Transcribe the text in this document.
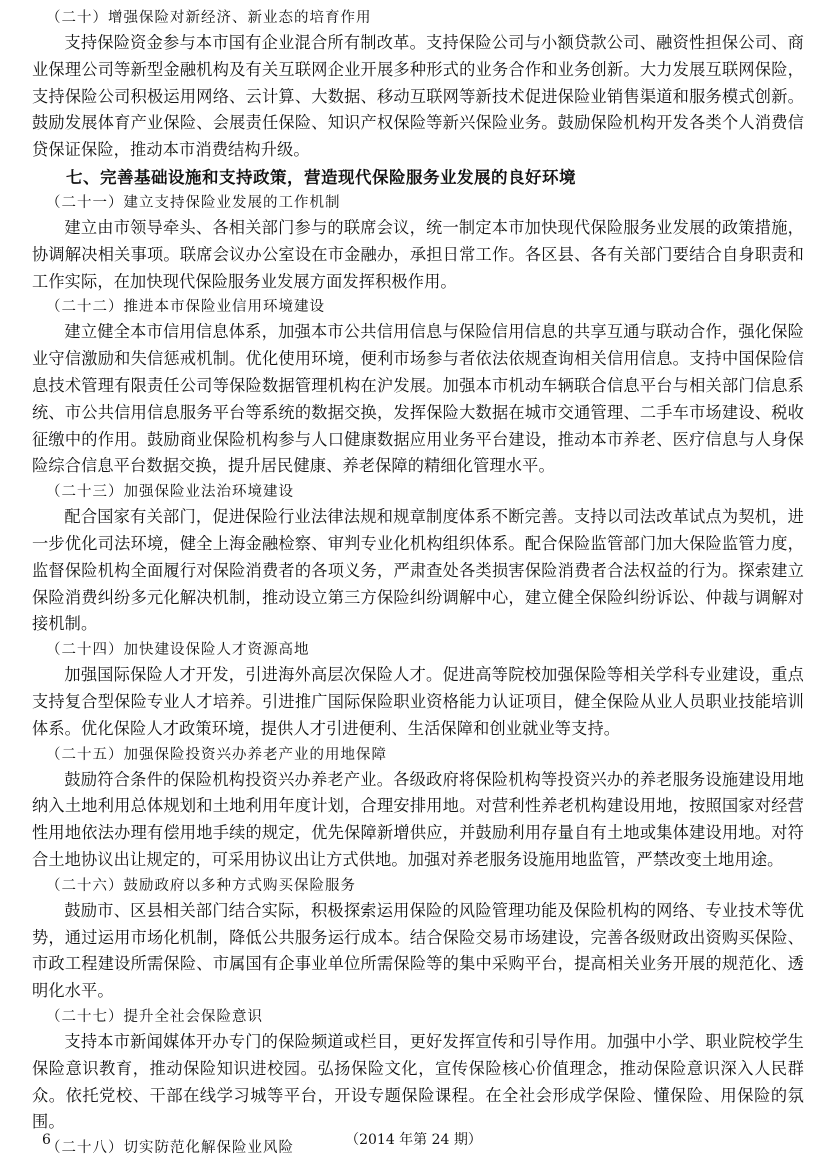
（二十）增强保险对新经济、新业态的培育作用

支持保险资金参与本市国有企业混合所有制改革。支持保险公司与小额贷款公司、融资性担保公司、商业保理公司等新型金融机构及有关互联网企业开展多种形式的业务合作和业务创新。大力发展互联网保险，支持保险公司积极运用网络、云计算、大数据、移动互联网等新技术促进保险业销售渠道和服务模式创新。鼓励发展体育产业保险、会展责任保险、知识产权保险等新兴保险业务。鼓励保险机构开发各类个人消费信贷保证保险，推动本市消费结构升级。

七、完善基础设施和支持政策，营造现代保险服务业发展的良好环境

（二十一）建立支持保险业发展的工作机制

建立由市领导牵头、各相关部门参与的联席会议，统一制定本市加快现代保险服务业发展的政策措施，协调解决相关事项。联席会议办公室设在市金融办，承担日常工作。各区县、各有关部门要结合自身职责和工作实际，在加快现代保险服务业发展方面发挥积极作用。

（二十二）推进本市保险业信用环境建设

建立健全本市信用信息体系，加强本市公共信用信息与保险信用信息的共享互通与联动合作，强化保险业守信激励和失信惩戒机制。优化使用环境，便利市场参与者依法依规查询相关信用信息。支持中国保险信息技术管理有限责任公司等保险数据管理机构在沪发展。加强本市机动车辆联合信息平台与相关部门信息系统、市公共信用信息服务平台等系统的数据交换，发挥保险大数据在城市交通管理、二手车市场建设、税收征缴中的作用。鼓励商业保险机构参与人口健康数据应用业务平台建设，推动本市养老、医疗信息与人身保险综合信息平台数据交换，提升居民健康、养老保障的精细化管理水平。

（二十三）加强保险业法治环境建设

配合国家有关部门，促进保险行业法律法规和规章制度体系不断完善。支持以司法改革试点为契机，进一步优化司法环境，健全上海金融检察、审判专业化机构组织体系。配合保险监管部门加大保险监管力度，监督保险机构全面履行对保险消费者的各项义务，严肃查处各类损害保险消费者合法权益的行为。探索建立保险消费纠纷多元化解决机制，推动设立第三方保险纠纷调解中心，建立健全保险纠纷诉讼、仲裁与调解对接机制。

（二十四）加快建设保险人才资源高地

加强国际保险人才开发，引进海外高层次保险人才。促进高等院校加强保险等相关学科专业建设，重点支持复合型保险专业人才培养。引进推广国际保险职业资格能力认证项目，健全保险从业人员职业技能培训体系。优化保险人才政策环境，提供人才引进便利、生活保障和创业就业等支持。

（二十五）加强保险投资兴办养老产业的用地保障

鼓励符合条件的保险机构投资兴办养老产业。各级政府将保险机构等投资兴办的养老服务设施建设用地纳入土地利用总体规划和土地利用年度计划，合理安排用地。对营利性养老机构建设用地，按照国家对经营性用地依法办理有偿用地手续的规定，优先保障新增供应，并鼓励利用存量自有土地或集体建设用地。对符合土地协议出让规定的，可采用协议出让方式供地。加强对养老服务设施用地监管，严禁改变土地用途。

（二十六）鼓励政府以多种方式购买保险服务

鼓励市、区县相关部门结合实际，积极探索运用保险的风险管理功能及保险机构的网络、专业技术等优势，通过运用市场化机制，降低公共服务运行成本。结合保险交易市场建设，完善各级财政出资购买保险、市政工程建设所需保险、市属国有企事业单位所需保险等的集中采购平台，提高相关业务开展的规范化、透明化水平。

（二十七）提升全社会保险意识

支持本市新闻媒体开办专门的保险频道或栏目，更好发挥宣传和引导作用。加强中小学、职业院校学生保险意识教育，推动保险知识进校园。弘扬保险文化，宣传保险核心价值理念，推动保险意识深入人民群众。依托党校、干部在线学习城等平台，开设专题保险课程。在全社会形成学保险、懂保险、用保险的氛围。

（二十八）切实防范化解保险业风险

6	（2014 年第 24 期）
